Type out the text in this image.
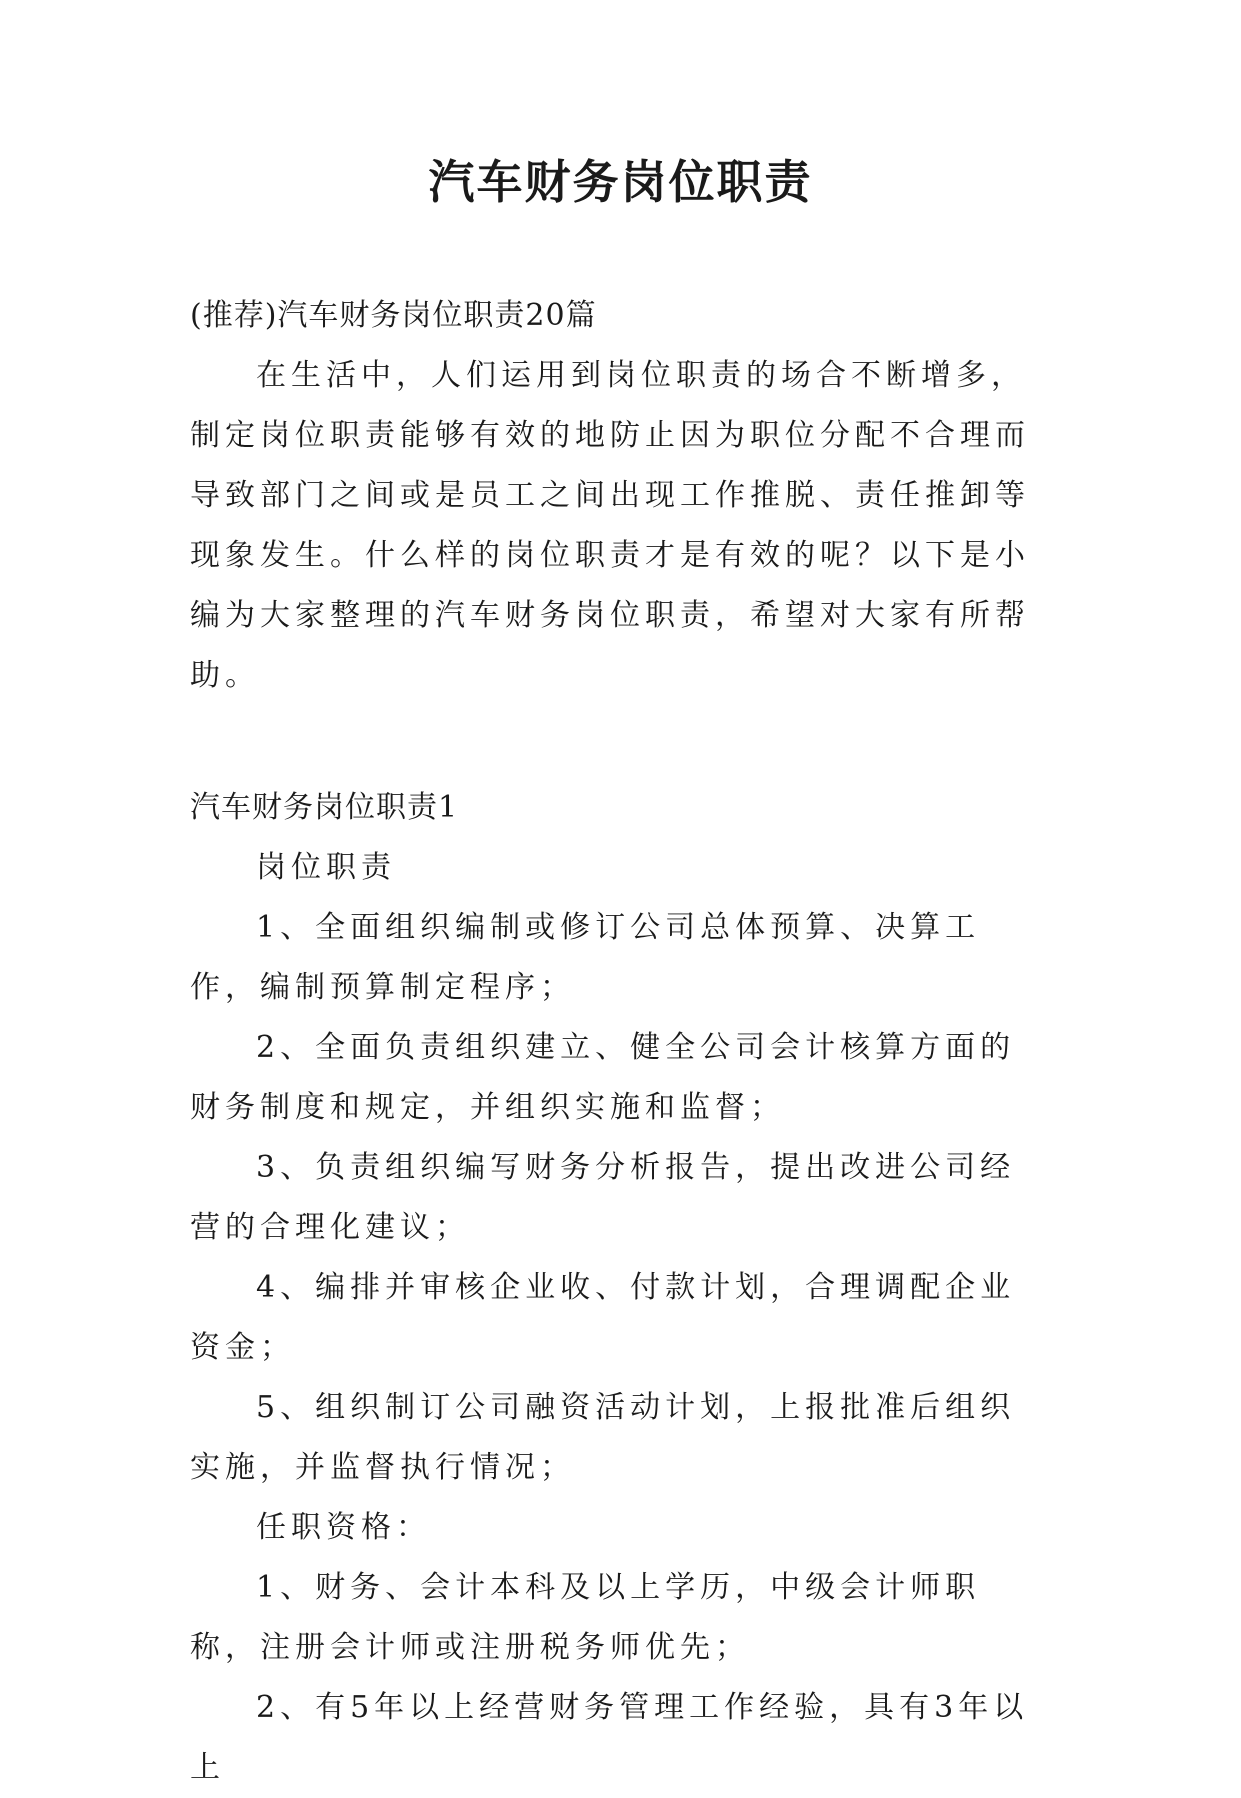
汽车财务岗位职责

(推荐)汽车财务岗位职责20篇

在生活中，人们运用到岗位职责的场合不断增多，制定岗位职责能够有效的地防止因为职位分配不合理而导致部门之间或是员工之间出现工作推脱、责任推卸等现象发生。什么样的岗位职责才是有效的呢？以下是小编为大家整理的汽车财务岗位职责，希望对大家有所帮助。

汽车财务岗位职责1

岗位职责

1、全面组织编制或修订公司总体预算、决算工作，编制预算制定程序；

2、全面负责组织建立、健全公司会计核算方面的财务制度和规定，并组织实施和监督；

3、负责组织编写财务分析报告，提出改进公司经营的合理化建议；

4、编排并审核企业收、付款计划，合理调配企业资金；

5、组织制订公司融资活动计划，上报批准后组织实施，并监督执行情况；

任职资格：

1、财务、会计本科及以上学历，中级会计师职称，注册会计师或注册税务师优先；

2、有5年以上经营财务管理工作经验，具有3年以上
